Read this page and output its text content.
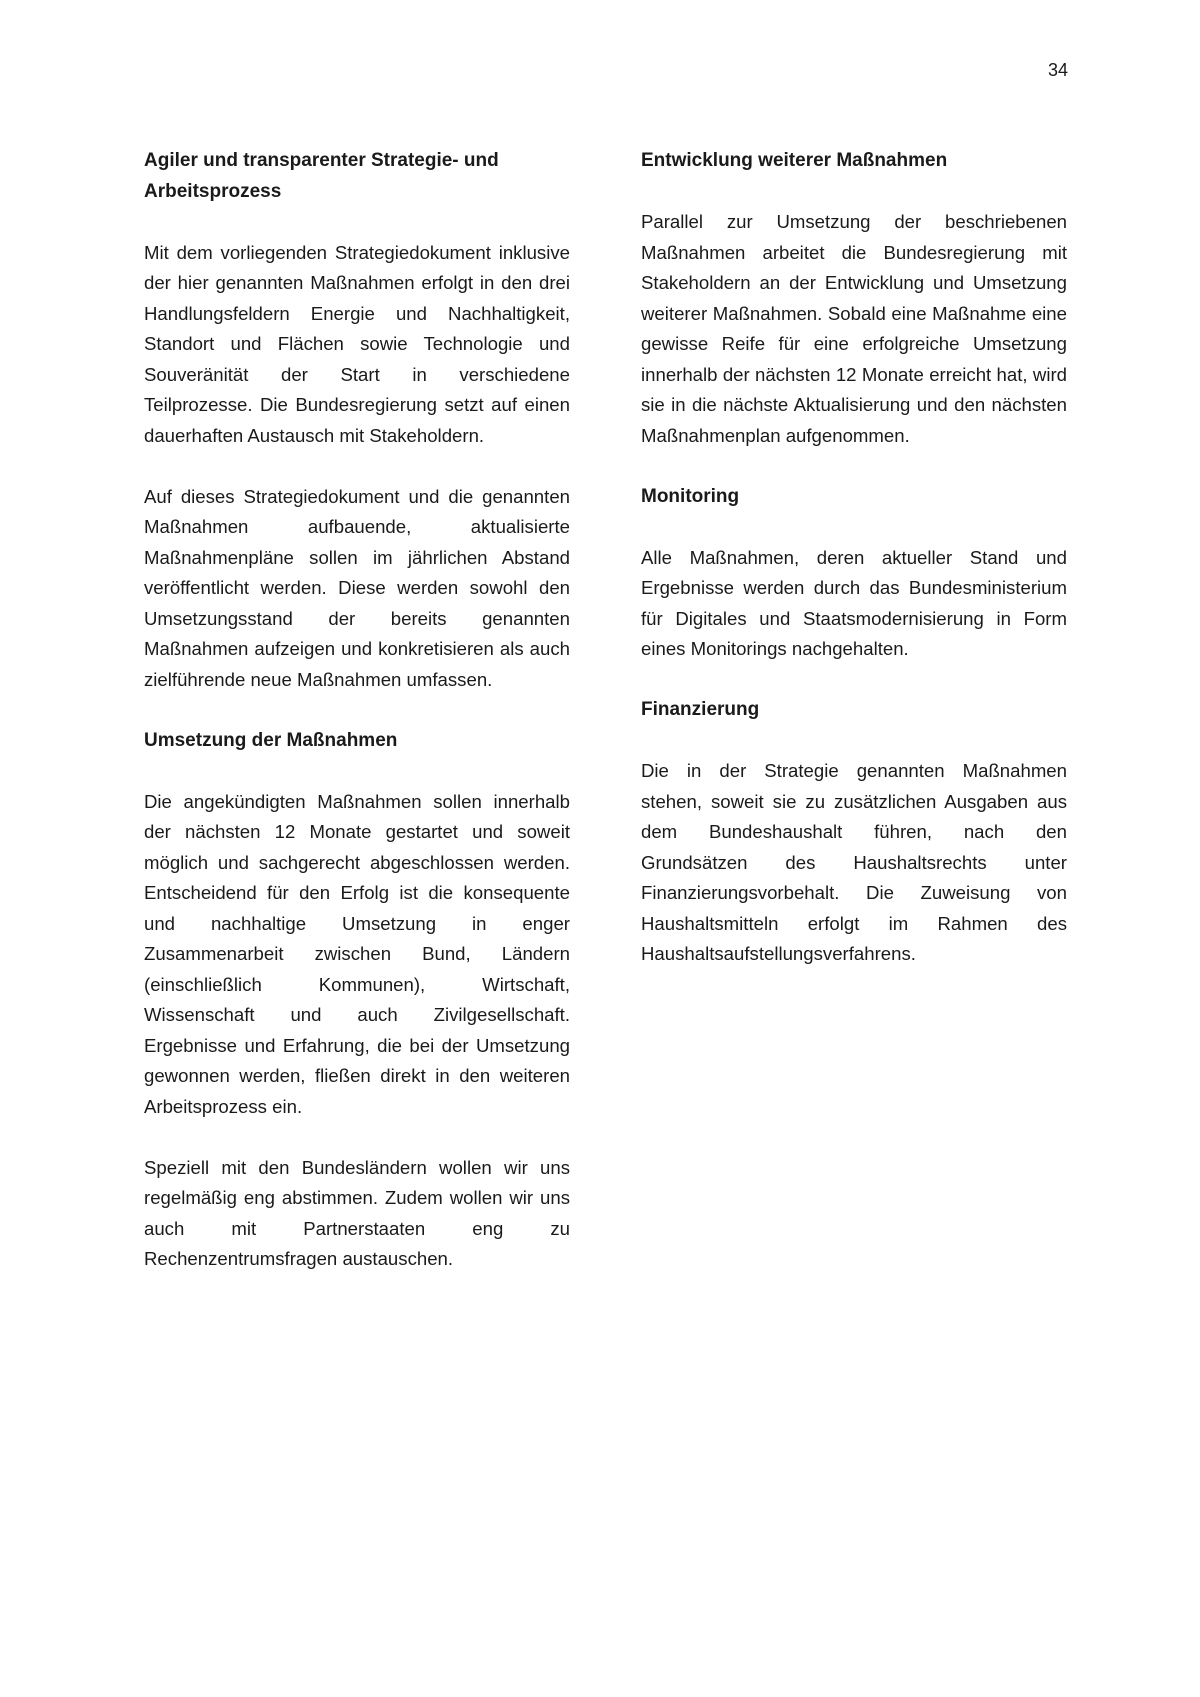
34
Agiler und transparenter Strategie- und Arbeitsprozess

Mit dem vorliegenden Strategiedokument inklusive der hier genannten Maßnahmen erfolgt in den drei Handlungsfeldern Energie und Nachhaltigkeit, Standort und Flächen sowie Technologie und Souveränität der Start in verschiedene Teilprozesse. Die Bundesregierung setzt auf einen dauerhaften Austausch mit Stakeholdern.

Auf dieses Strategiedokument und die genannten Maßnahmen aufbauende, aktualisierte Maßnahmenpläne sollen im jährlichen Abstand veröffentlicht werden. Diese werden sowohl den Umsetzungsstand der bereits genannten Maßnahmen aufzeigen und konkretisieren als auch zielführende neue Maßnahmen umfassen.

Umsetzung der Maßnahmen

Die angekündigten Maßnahmen sollen innerhalb der nächsten 12 Monate gestartet und soweit möglich und sachgerecht abgeschlossen werden. Entscheidend für den Erfolg ist die konsequente und nachhaltige Umsetzung in enger Zusammenarbeit zwischen Bund, Ländern (einschließlich Kommunen), Wirtschaft, Wissenschaft und auch Zivilgesellschaft. Ergebnisse und Erfahrung, die bei der Umsetzung gewonnen werden, fließen direkt in den weiteren Arbeitsprozess ein.

Speziell mit den Bundesländern wollen wir uns regelmäßig eng abstimmen. Zudem wollen wir uns auch mit Partnerstaaten eng zu Rechenzentrumsfragen austauschen.

Entwicklung weiterer Maßnahmen

Parallel zur Umsetzung der beschriebenen Maßnahmen arbeitet die Bundesregierung mit Stakeholdern an der Entwicklung und Umsetzung weiterer Maßnahmen. Sobald eine Maßnahme eine gewisse Reife für eine erfolgreiche Umsetzung innerhalb der nächsten 12 Monate erreicht hat, wird sie in die nächste Aktualisierung und den nächsten Maßnahmenplan aufgenommen.

Monitoring

Alle Maßnahmen, deren aktueller Stand und Ergebnisse werden durch das Bundesministerium für Digitales und Staatsmodernisierung in Form eines Monitorings nachgehalten.

Finanzierung

Die in der Strategie genannten Maßnahmen stehen, soweit sie zu zusätzlichen Ausgaben aus dem Bundeshaushalt führen, nach den Grundsätzen des Haushaltsrechts unter Finanzierungsvorbehalt. Die Zuweisung von Haushaltsmitteln erfolgt im Rahmen des Haushaltsaufstellungsverfahrens.
